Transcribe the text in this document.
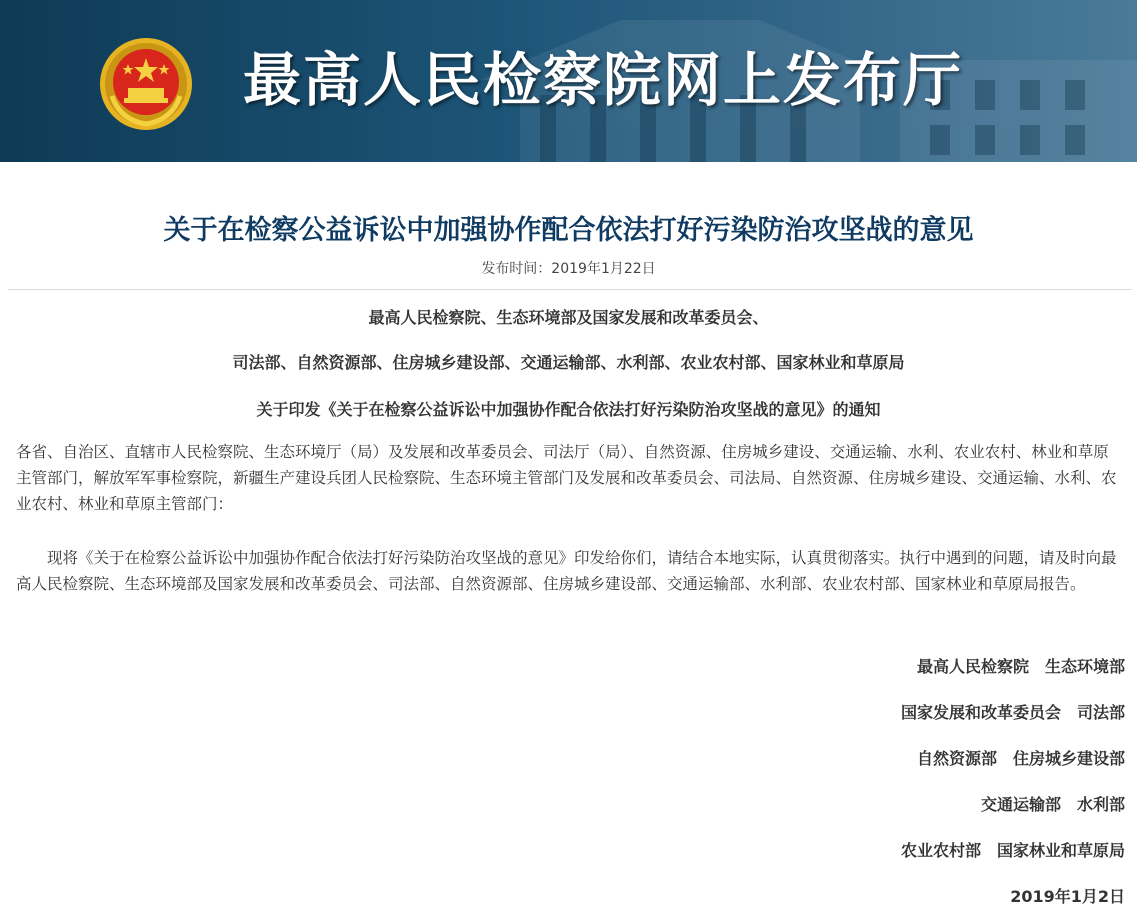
最高人民检察院网上发布厅
关于在检察公益诉讼中加强协作配合依法打好污染防治攻坚战的意见
发布时间：2019年1月22日
最高人民检察院、生态环境部及国家发展和改革委员会、
司法部、自然资源部、住房城乡建设部、交通运输部、水利部、农业农村部、国家林业和草原局
关于印发《关于在检察公益诉讼中加强协作配合依法打好污染防治攻坚战的意见》的通知

各省、自治区、直辖市人民检察院、生态环境厅（局）及发展和改革委员会、司法厅（局）、自然资源、住房城乡建设、交通运输、水利、农业农村、林业和草原主管部门，解放军军事检察院，新疆生产建设兵团人民检察院、生态环境主管部门及发展和改革委员会、司法局、自然资源、住房城乡建设、交通运输、水利、农业农村、林业和草原主管部门：

现将《关于在检察公益诉讼中加强协作配合依法打好污染防治攻坚战的意见》印发给你们，请结合本地实际，认真贯彻落实。执行中遇到的问题，请及时向最高人民检察院、生态环境部及国家发展和改革委员会、司法部、自然资源部、住房城乡建设部、交通运输部、水利部、农业农村部、国家林业和草原局报告。

最高人民检察院　生态环境部
国家发展和改革委员会　司法部
自然资源部　住房城乡建设部
交通运输部　水利部
农业农村部　国家林业和草原局
2019年1月2日
